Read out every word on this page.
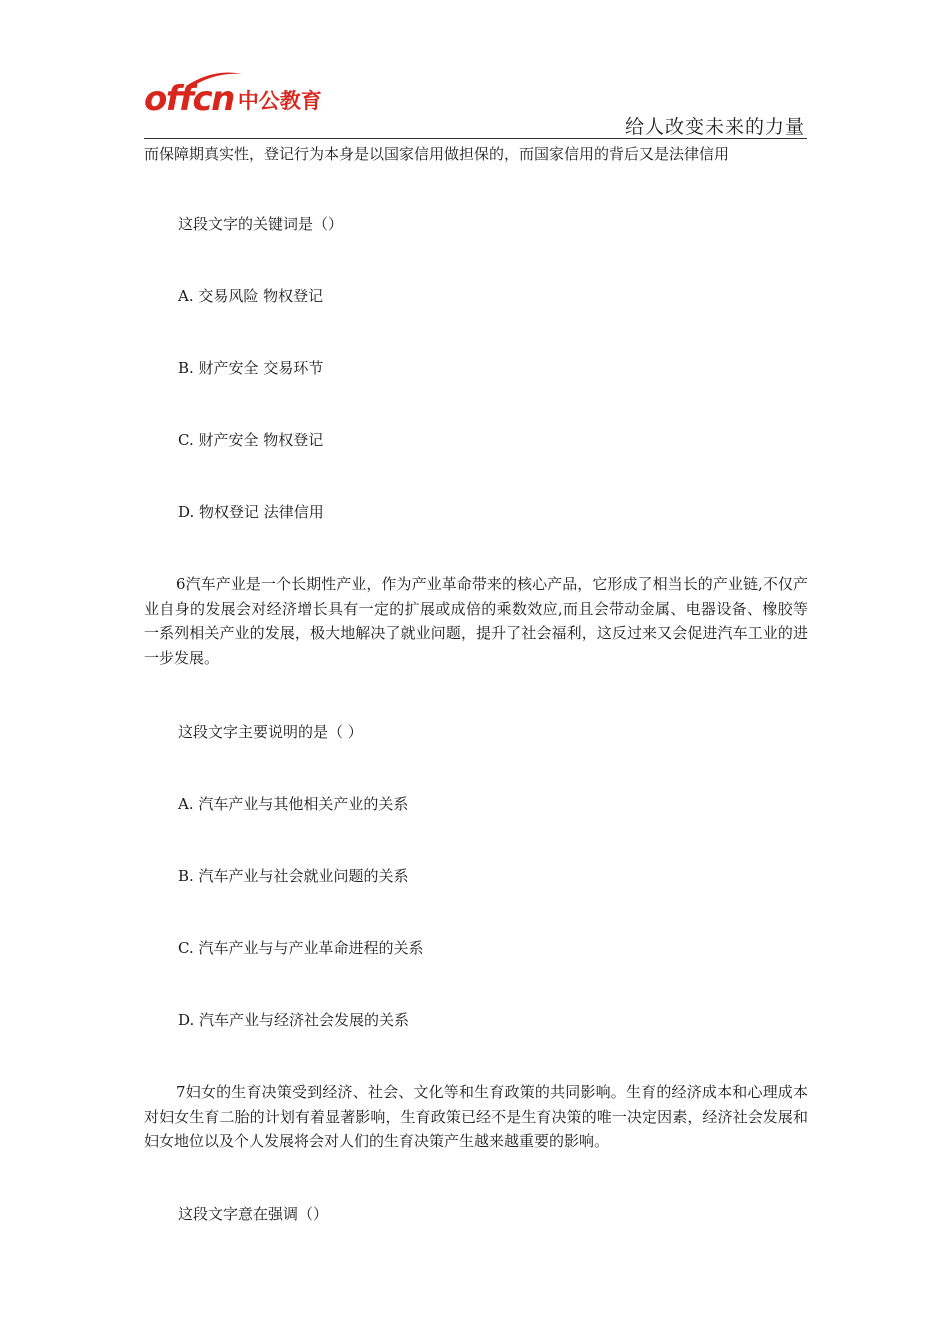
offcn 中公教育
给人改变未来的力量
而保障期真实性，登记行为本身是以国家信用做担保的，而国家信用的背后又是法律信用
这段文字的关键词是（）
A. 交易风险 物权登记
B. 财产安全 交易环节
C. 财产安全 物权登记
D. 物权登记 法律信用
6汽车产业是一个长期性产业，作为产业革命带来的核心产品，它形成了相当长的产业链,不仅产业自身的发展会对经济增长具有一定的扩展或成倍的乘数效应,而且会带动金属、电器设备、橡胶等一系列相关产业的发展，极大地解决了就业问题，提升了社会福利，这反过来又会促进汽车工业的进一步发展。
这段文字主要说明的是（ ）
A. 汽车产业与其他相关产业的关系
B. 汽车产业与社会就业问题的关系
C. 汽车产业与与产业革命进程的关系
D. 汽车产业与经济社会发展的关系
7妇女的生育决策受到经济、社会、文化等和生育政策的共同影响。生育的经济成本和心理成本对妇女生育二胎的计划有着显著影响，生育政策已经不是生育决策的唯一决定因素，经济社会发展和妇女地位以及个人发展将会对人们的生育决策产生越来越重要的影响。
这段文字意在强调（）
